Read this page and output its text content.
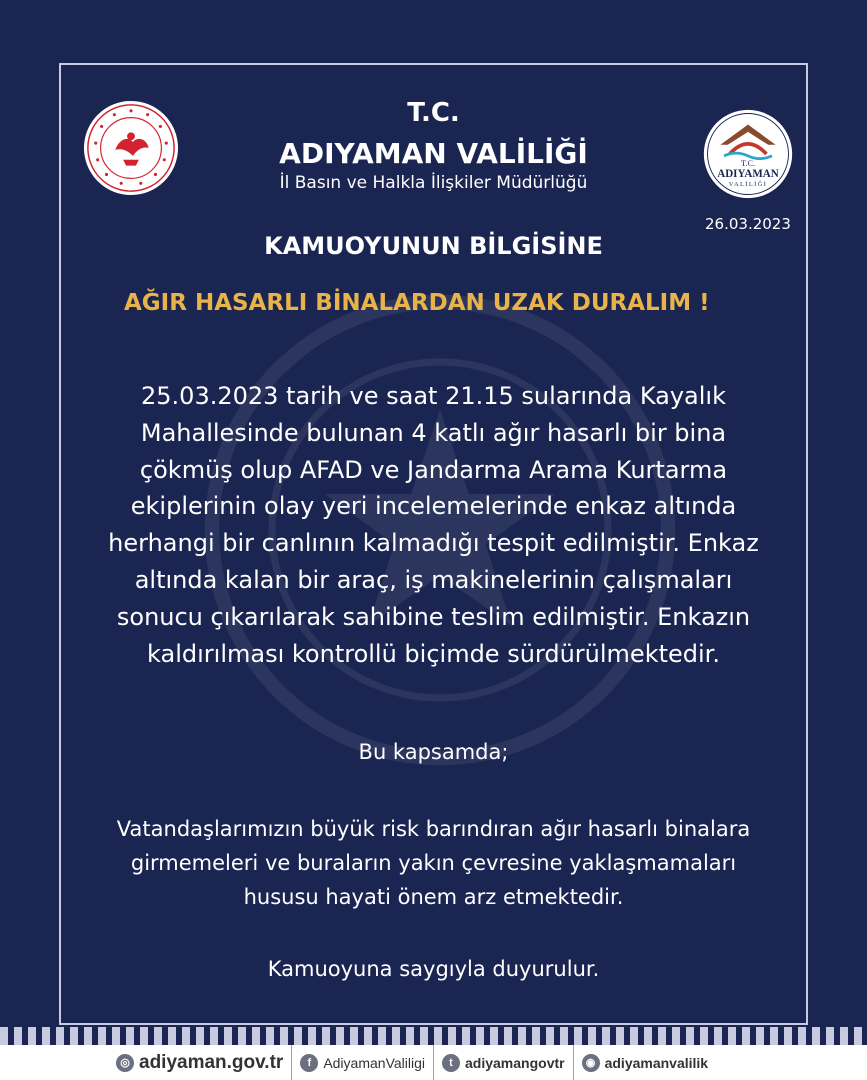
T.C.
ADIYAMAN
VALİLİĞİ
T.C.
ADIYAMAN VALİLİĞİ
İl Basın ve Halkla İlişkiler Müdürlüğü
26.03.2023
KAMUOYUNUN BİLGİSİNE
AĞIR HASARLI BİNALARDAN UZAK DURALIM !
25.03.2023 tarih ve saat 21.15 sularında Kayalık
Mahallesinde bulunan 4 katlı ağır hasarlı bir bina
çökmüş olup AFAD ve Jandarma Arama Kurtarma
ekiplerinin olay yeri incelemelerinde enkaz altında
herhangi bir canlının kalmadığı tespit edilmiştir. Enkaz
altında kalan bir araç, iş makinelerinin çalışmaları
sonucu çıkarılarak sahibine teslim edilmiştir. Enkazın
kaldırılması kontrollü biçimde sürdürülmektedir.
Bu kapsamda;
Vatandaşlarımızın büyük risk barındıran ağır hasarlı binalara
girmemeleri ve buraların yakın çevresine yaklaşmamaları
hususu hayati önem arz etmektedir.
Kamuoyuna saygıyla duyurulur.
◎ adiyaman.gov.tr	f AdiyamanValiligi	t adiyamangovtr	◉ adiyamanvalilik
